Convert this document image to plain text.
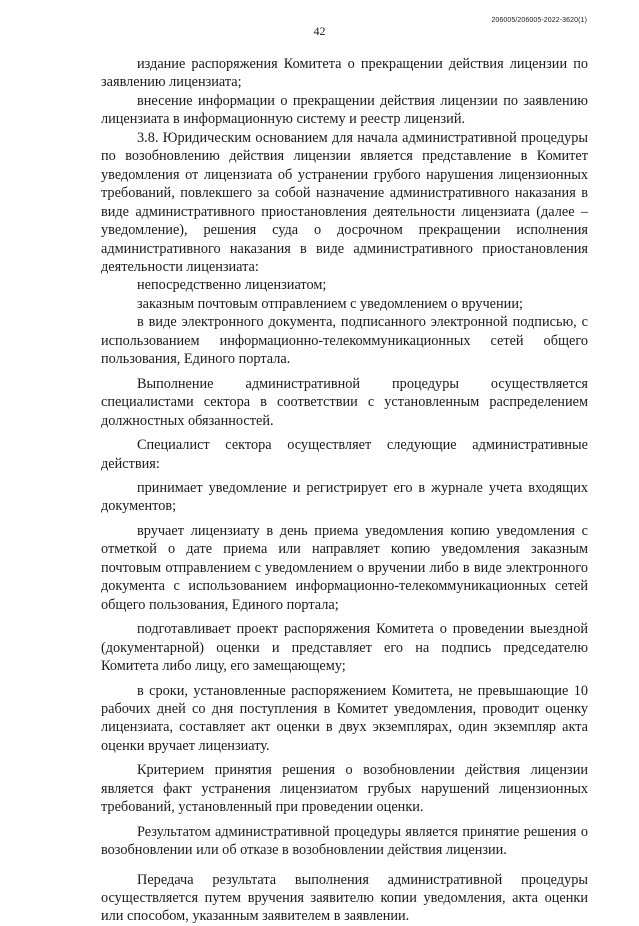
42
206005/206005-2022-3620(1)

издание распоряжения Комитета о прекращении действия лицензии по заявлению лицензиата;

внесение информации о прекращении действия лицензии по заявлению лицензиата в информационную систему и реестр лицензий.

3.8. Юридическим основанием для начала административной процедуры по возобновлению действия лицензии является представление в Комитет уведомления от лицензиата об устранении грубого нарушения лицензионных требований, повлекшего за собой назначение административного наказания в виде административного приостановления деятельности лицензиата (далее – уведомление), решения суда о досрочном прекращении исполнения административного наказания в виде административного приостановления деятельности лицензиата:

непосредственно лицензиатом;

заказным почтовым отправлением с уведомлением о вручении;

в виде электронного документа, подписанного электронной подписью, с использованием информационно-телекоммуникационных сетей общего пользования, Единого портала.

Выполнение административной процедуры осуществляется специалистами сектора в соответствии с установленным распределением должностных обязанностей.

Специалист сектора осуществляет следующие административные действия:

принимает уведомление и регистрирует его в журнале учета входящих документов;

вручает лицензиату в день приема уведомления копию уведомления с отметкой о дате приема или направляет копию уведомления заказным почтовым отправлением с уведомлением о вручении либо в виде электронного документа с использованием информационно-телекоммуникационных сетей общего пользования, Единого портала;

подготавливает проект распоряжения Комитета о проведении выездной (документарной) оценки и представляет его на подпись председателю Комитета либо лицу, его замещающему;

в сроки, установленные распоряжением Комитета, не превышающие 10 рабочих дней со дня поступления в Комитет уведомления, проводит оценку лицензиата, составляет акт оценки в двух экземплярах, один экземпляр акта оценки вручает лицензиату.

Критерием принятия решения о возобновлении действия лицензии является факт устранения лицензиатом грубых нарушений лицензионных требований, установленный при проведении оценки.

Результатом административной процедуры является принятие решения о возобновлении или об отказе в возобновлении действия лицензии.

Передача результата выполнения административной процедуры осуществляется путем вручения заявителю копии уведомления, акта оценки или способом, указанным заявителем в заявлении.
